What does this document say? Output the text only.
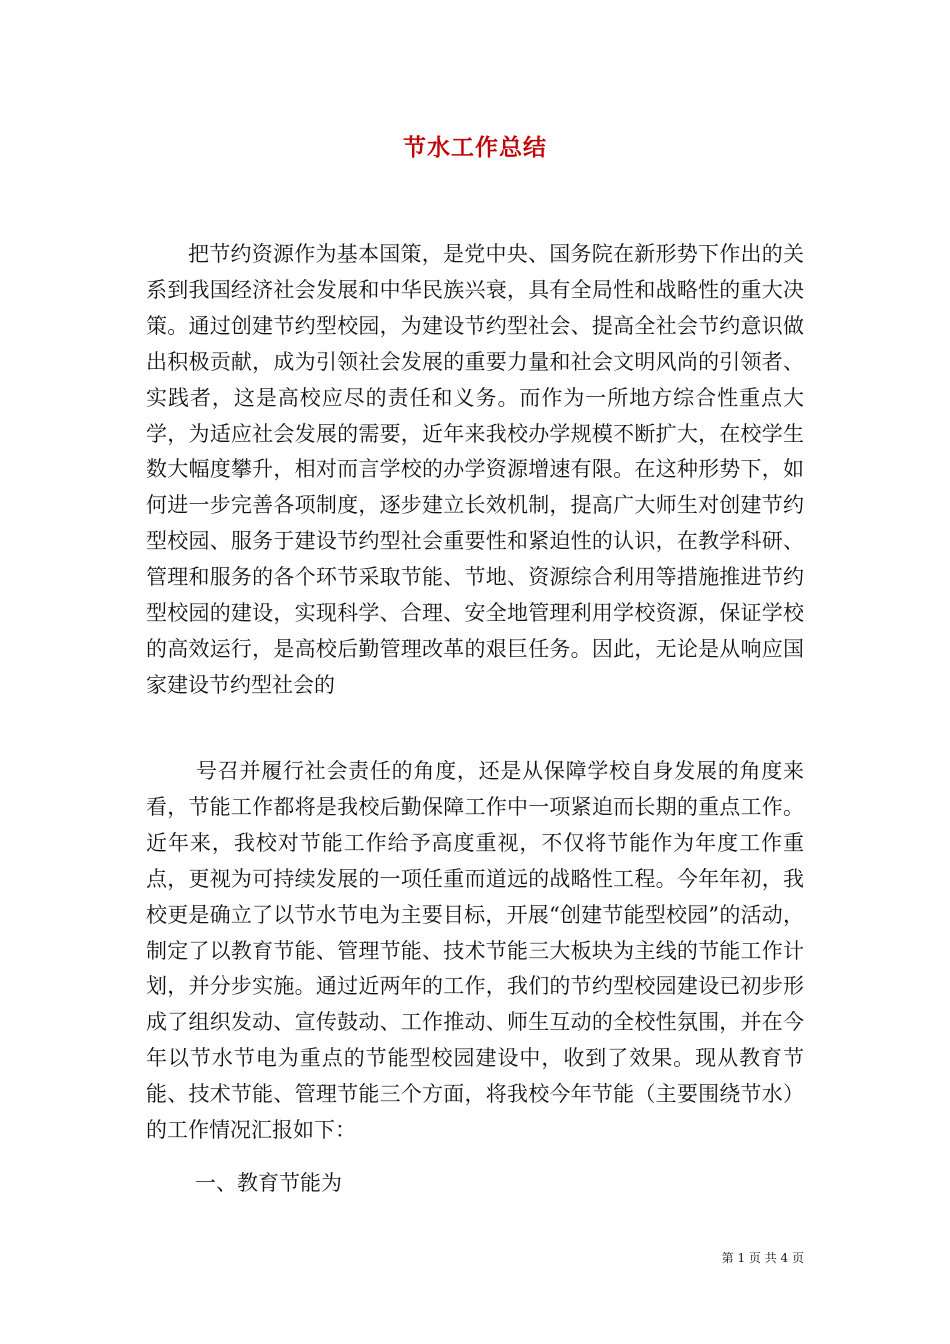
节水工作总结

把节约资源作为基本国策，是党中央、国务院在新形势下作出的关系到我国经济社会发展和中华民族兴衰，具有全局性和战略性的重大决策。通过创建节约型校园，为建设节约型社会、提高全社会节约意识做出积极贡献，成为引领社会发展的重要力量和社会文明风尚的引领者、实践者，这是高校应尽的责任和义务。而作为一所地方综合性重点大学，为适应社会发展的需要，近年来我校办学规模不断扩大，在校学生数大幅度攀升，相对而言学校的办学资源增速有限。在这种形势下，如何进一步完善各项制度，逐步建立长效机制，提高广大师生对创建节约型校园、服务于建设节约型社会重要性和紧迫性的认识，在教学科研、管理和服务的各个环节采取节能、节地、资源综合利用等措施推进节约型校园的建设，实现科学、合理、安全地管理利用学校资源，保证学校的高效运行，是高校后勤管理改革的艰巨任务。因此，无论是从响应国家建设节约型社会的

号召并履行社会责任的角度，还是从保障学校自身发展的角度来看，节能工作都将是我校后勤保障工作中一项紧迫而长期的重点工作。近年来，我校对节能工作给予高度重视，不仅将节能作为年度工作重点，更视为可持续发展的一项任重而道远的战略性工程。今年年初，我校更是确立了以节水节电为主要目标，开展“创建节能型校园”的活动，制定了以教育节能、管理节能、技术节能三大板块为主线的节能工作计划，并分步实施。通过近两年的工作，我们的节约型校园建设已初步形成了组织发动、宣传鼓动、工作推动、师生互动的全校性氛围，并在今年以节水节电为重点的节能型校园建设中，收到了效果。现从教育节能、技术节能、管理节能三个方面，将我校今年节能（主要围绕节水）的工作情况汇报如下：

一、教育节能为
第 1 页 共 4 页
